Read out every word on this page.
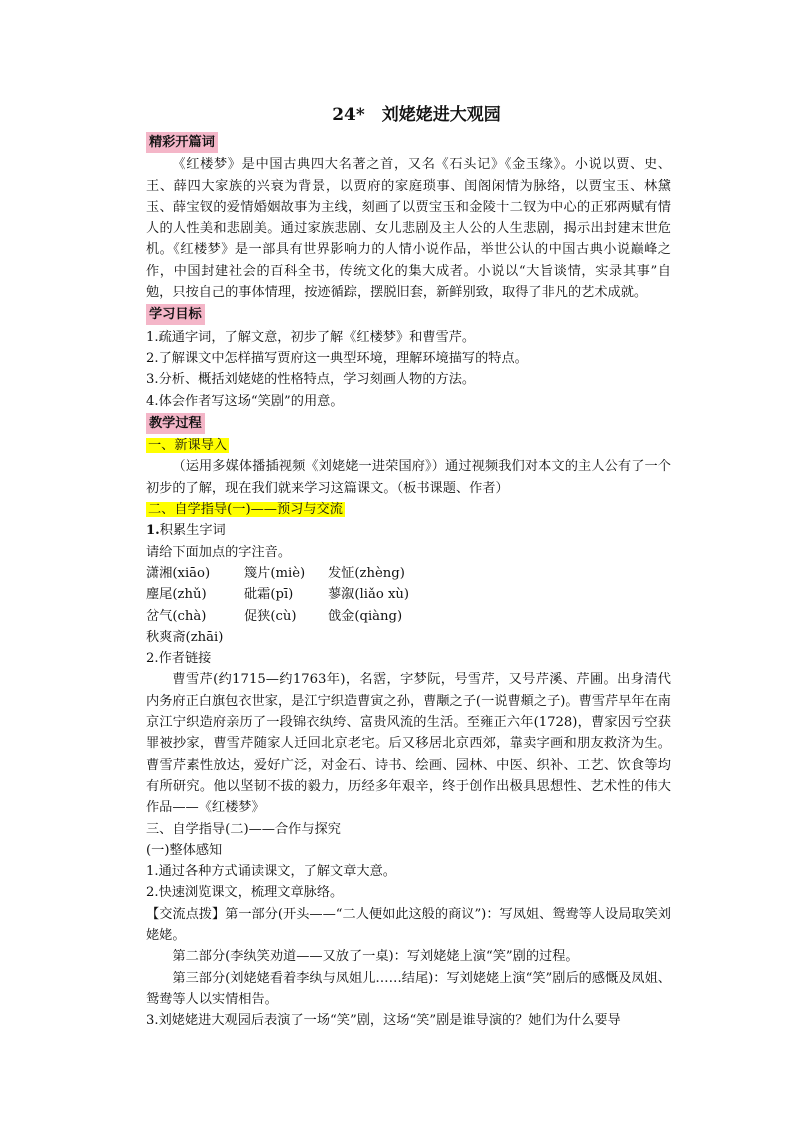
24*　刘姥姥进大观园
精彩开篇词

《红楼梦》是中国古典四大名著之首，又名《石头记》《金玉缘》。小说以贾、史、王、薛四大家族的兴衰为背景，以贾府的家庭琐事、闺阁闲情为脉络，以贾宝玉、林黛玉、薛宝钗的爱情婚姻故事为主线，刻画了以贾宝玉和金陵十二钗为中心的正邪两赋有情人的人性美和悲剧美。通过家族悲剧、女儿悲剧及主人公的人生悲剧，揭示出封建末世危机。《红楼梦》是一部具有世界影响力的人情小说作品，举世公认的中国古典小说巅峰之作，中国封建社会的百科全书，传统文化的集大成者。小说以“大旨谈情，实录其事”自勉，只按自己的事体情理，按迹循踪，摆脱旧套，新鲜别致，取得了非凡的艺术成就。

学习目标

1.疏通字词，了解文意，初步了解《红楼梦》和曹雪芹。

2.了解课文中怎样描写贾府这一典型环境，理解环境描写的特点。

3.分析、概括刘姥姥的性格特点，学习刻画人物的方法。

4.体会作者写这场“笑剧”的用意。

教学过程

一、新课导入

（运用多媒体播插视频《刘姥姥一进荣国府》）通过视频我们对本文的主人公有了一个初步的了解，现在我们就来学习这篇课文。（板书课题、作者）

二、自学指导(一)——预习与交流

1.积累生字词

请给下面加点的字注音。

潇湘(xiāo)	篾片(miè)	发怔(zhèng)
麈尾(zhǔ)	砒霜(pī)	蓼溆(liǎo xù)
岔气(chà)	促狭(cù)	戗金(qiàng)
秋爽斋(zhāi)

2.作者链接

曹雪芹(约1715—约1763年)，名霑，字梦阮，号雪芹，又号芹溪、芹圃。出身清代内务府正白旗包衣世家，是江宁织造曹寅之孙，曹颙之子(一说曹頫之子)。曹雪芹早年在南京江宁织造府亲历了一段锦衣纨绔、富贵风流的生活。至雍正六年(1728)，曹家因亏空获罪被抄家，曹雪芹随家人迁回北京老宅。后又移居北京西郊，靠卖字画和朋友救济为生。曹雪芹素性放达，爱好广泛，对金石、诗书、绘画、园林、中医、织补、工艺、饮食等均有所研究。他以坚韧不拔的毅力，历经多年艰辛，终于创作出极具思想性、艺术性的伟大作品——《红楼梦》

三、自学指导(二)——合作与探究

(一)整体感知

1.通过各种方式诵读课文，了解文章大意。

2.快速浏览课文，梳理文章脉络。

【交流点拨】第一部分(开头——“二人便如此这般的商议”)：写凤姐、鸳鸯等人设局取笑刘姥姥。

第二部分(李纨笑劝道——又放了一桌)：写刘姥姥上演“笑”剧的过程。

第三部分(刘姥姥看着李纨与凤姐儿……结尾)：写刘姥姥上演“笑”剧后的感慨及凤姐、鸳鸯等人以实情相告。

3.刘姥姥进大观园后表演了一场“笑”剧，这场“笑”剧是谁导演的？她们为什么要导
